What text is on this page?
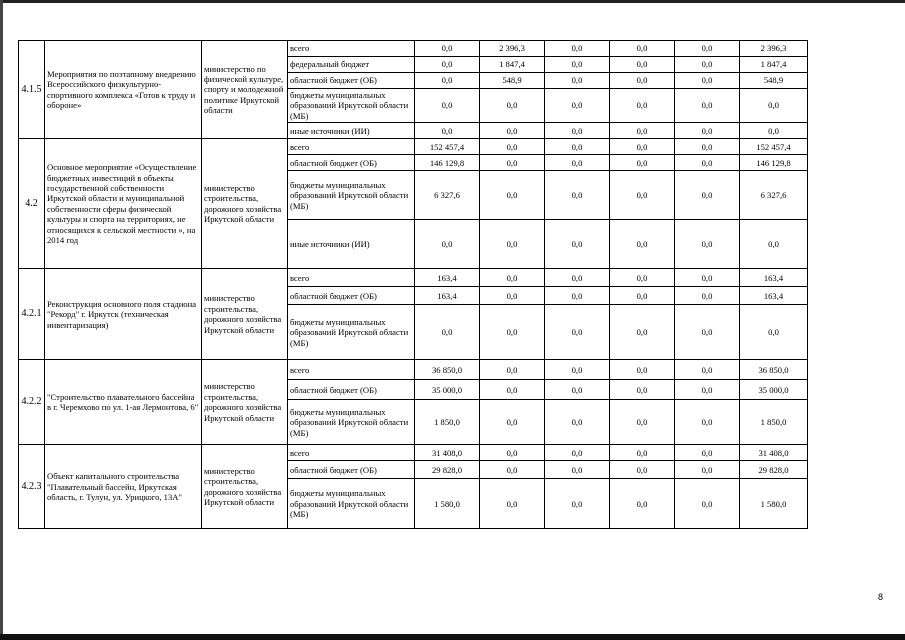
4.1.5	Мероприятия по поэтапному внедрению Всероссийского физкультурно-спортивного комплекса «Готов к труду и обороне»	министерство по физической культуре, спорту и молодежной политике Иркутской области	всего	0,0	2 396,3	0,0	0,0	0,0	2 396,3
			федеральный бюджет	0,0	1 847,4	0,0	0,0	0,0	1 847,4
			областной бюджет (ОБ)	0,0	548,9	0,0	0,0	0,0	548,9
			бюджеты муниципальных образований Иркутской области (МБ)	0,0	0,0	0,0	0,0	0,0	0,0
			иные источники (ИИ)	0,0	0,0	0,0	0,0	0,0	0,0
4.2	Основное мероприятие «Осуществление бюджетных инвестиций в объекты государственной собственности Иркутской области и муниципальной собственности сферы физической культуры и спорта на территориях, не относящихся к сельской местности », на 2014 год	министерство строительства, дорожного хозяйства Иркутской области	всего	152 457,4	0,0	0,0	0,0	0,0	152 457,4
			областной бюджет (ОБ)	146 129,8	0,0	0,0	0,0	0,0	146 129,8
			бюджеты муниципальных образований Иркутской области (МБ)	6 327,6	0,0	0,0	0,0	0,0	6 327,6
			иные источники (ИИ)	0,0	0,0	0,0	0,0	0,0	0,0
4.2.1	Реконструкция основного поля стадиона "Рекорд" г. Иркутск (техническая инвентаризация)	министерство строительства, дорожного хозяйства Иркутской области	всего	163,4	0,0	0,0	0,0	0,0	163,4
			областной бюджет (ОБ)	163,4	0,0	0,0	0,0	0,0	163,4
			бюджеты муниципальных образований Иркутской области (МБ)	0,0	0,0	0,0	0,0	0,0	0,0
4.2.2	"Строительство плавательного бассейна в г. Черемхово по ул. 1-ая Лермонтова, 6"	министерство строительства, дорожного хозяйства Иркутской области	всего	36 850,0	0,0	0,0	0,0	0,0	36 850,0
			областной бюджет (ОБ)	35 000,0	0,0	0,0	0,0	0,0	35 000,0
			бюджеты муниципальных образований Иркутской области (МБ)	1 850,0	0,0	0,0	0,0	0,0	1 850,0
4.2.3	Объект капитального строительства "Плавательный бассейн, Иркутская область, г. Тулун, ул. Урицкого, 13А"	министерство строительства, дорожного хозяйства Иркутской области	всего	31 408,0	0,0	0,0	0,0	0,0	31 408,0
			областной бюджет (ОБ)	29 828,0	0,0	0,0	0,0	0,0	29 828,0
			бюджеты муниципальных образований Иркутской области (МБ)	1 580,0	0,0	0,0	0,0	0,0	1 580,0
8
